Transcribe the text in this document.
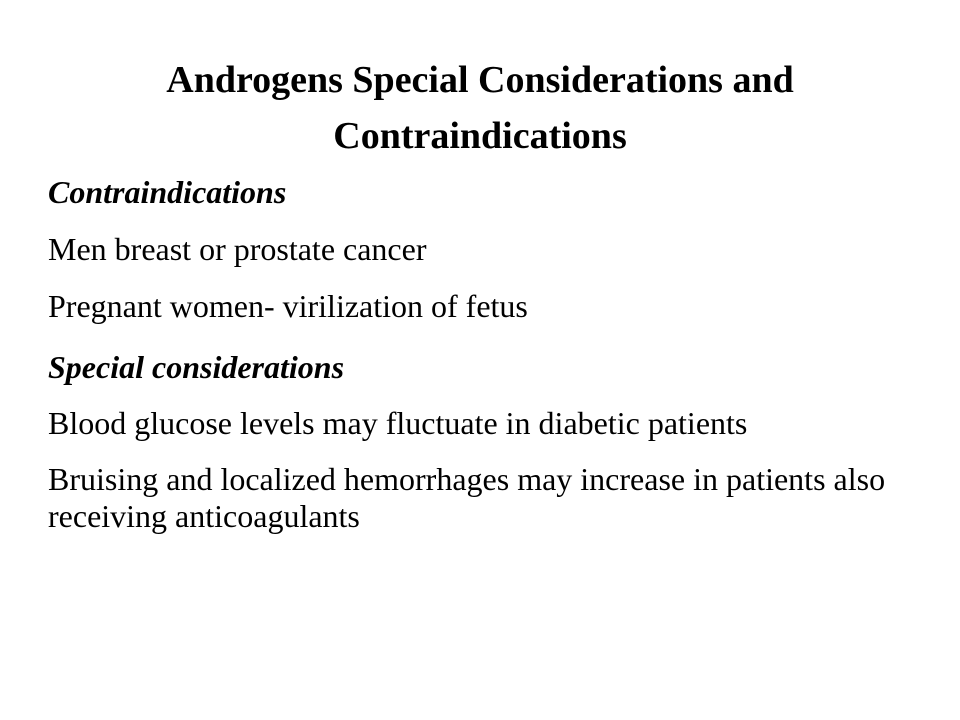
Androgens Special Considerations and Contraindications

Contraindications

Men breast or prostate cancer

Pregnant women- virilization of fetus

Special considerations

Blood glucose levels may fluctuate in diabetic patients

Bruising and localized hemorrhages may increase in patients also receiving anticoagulants
